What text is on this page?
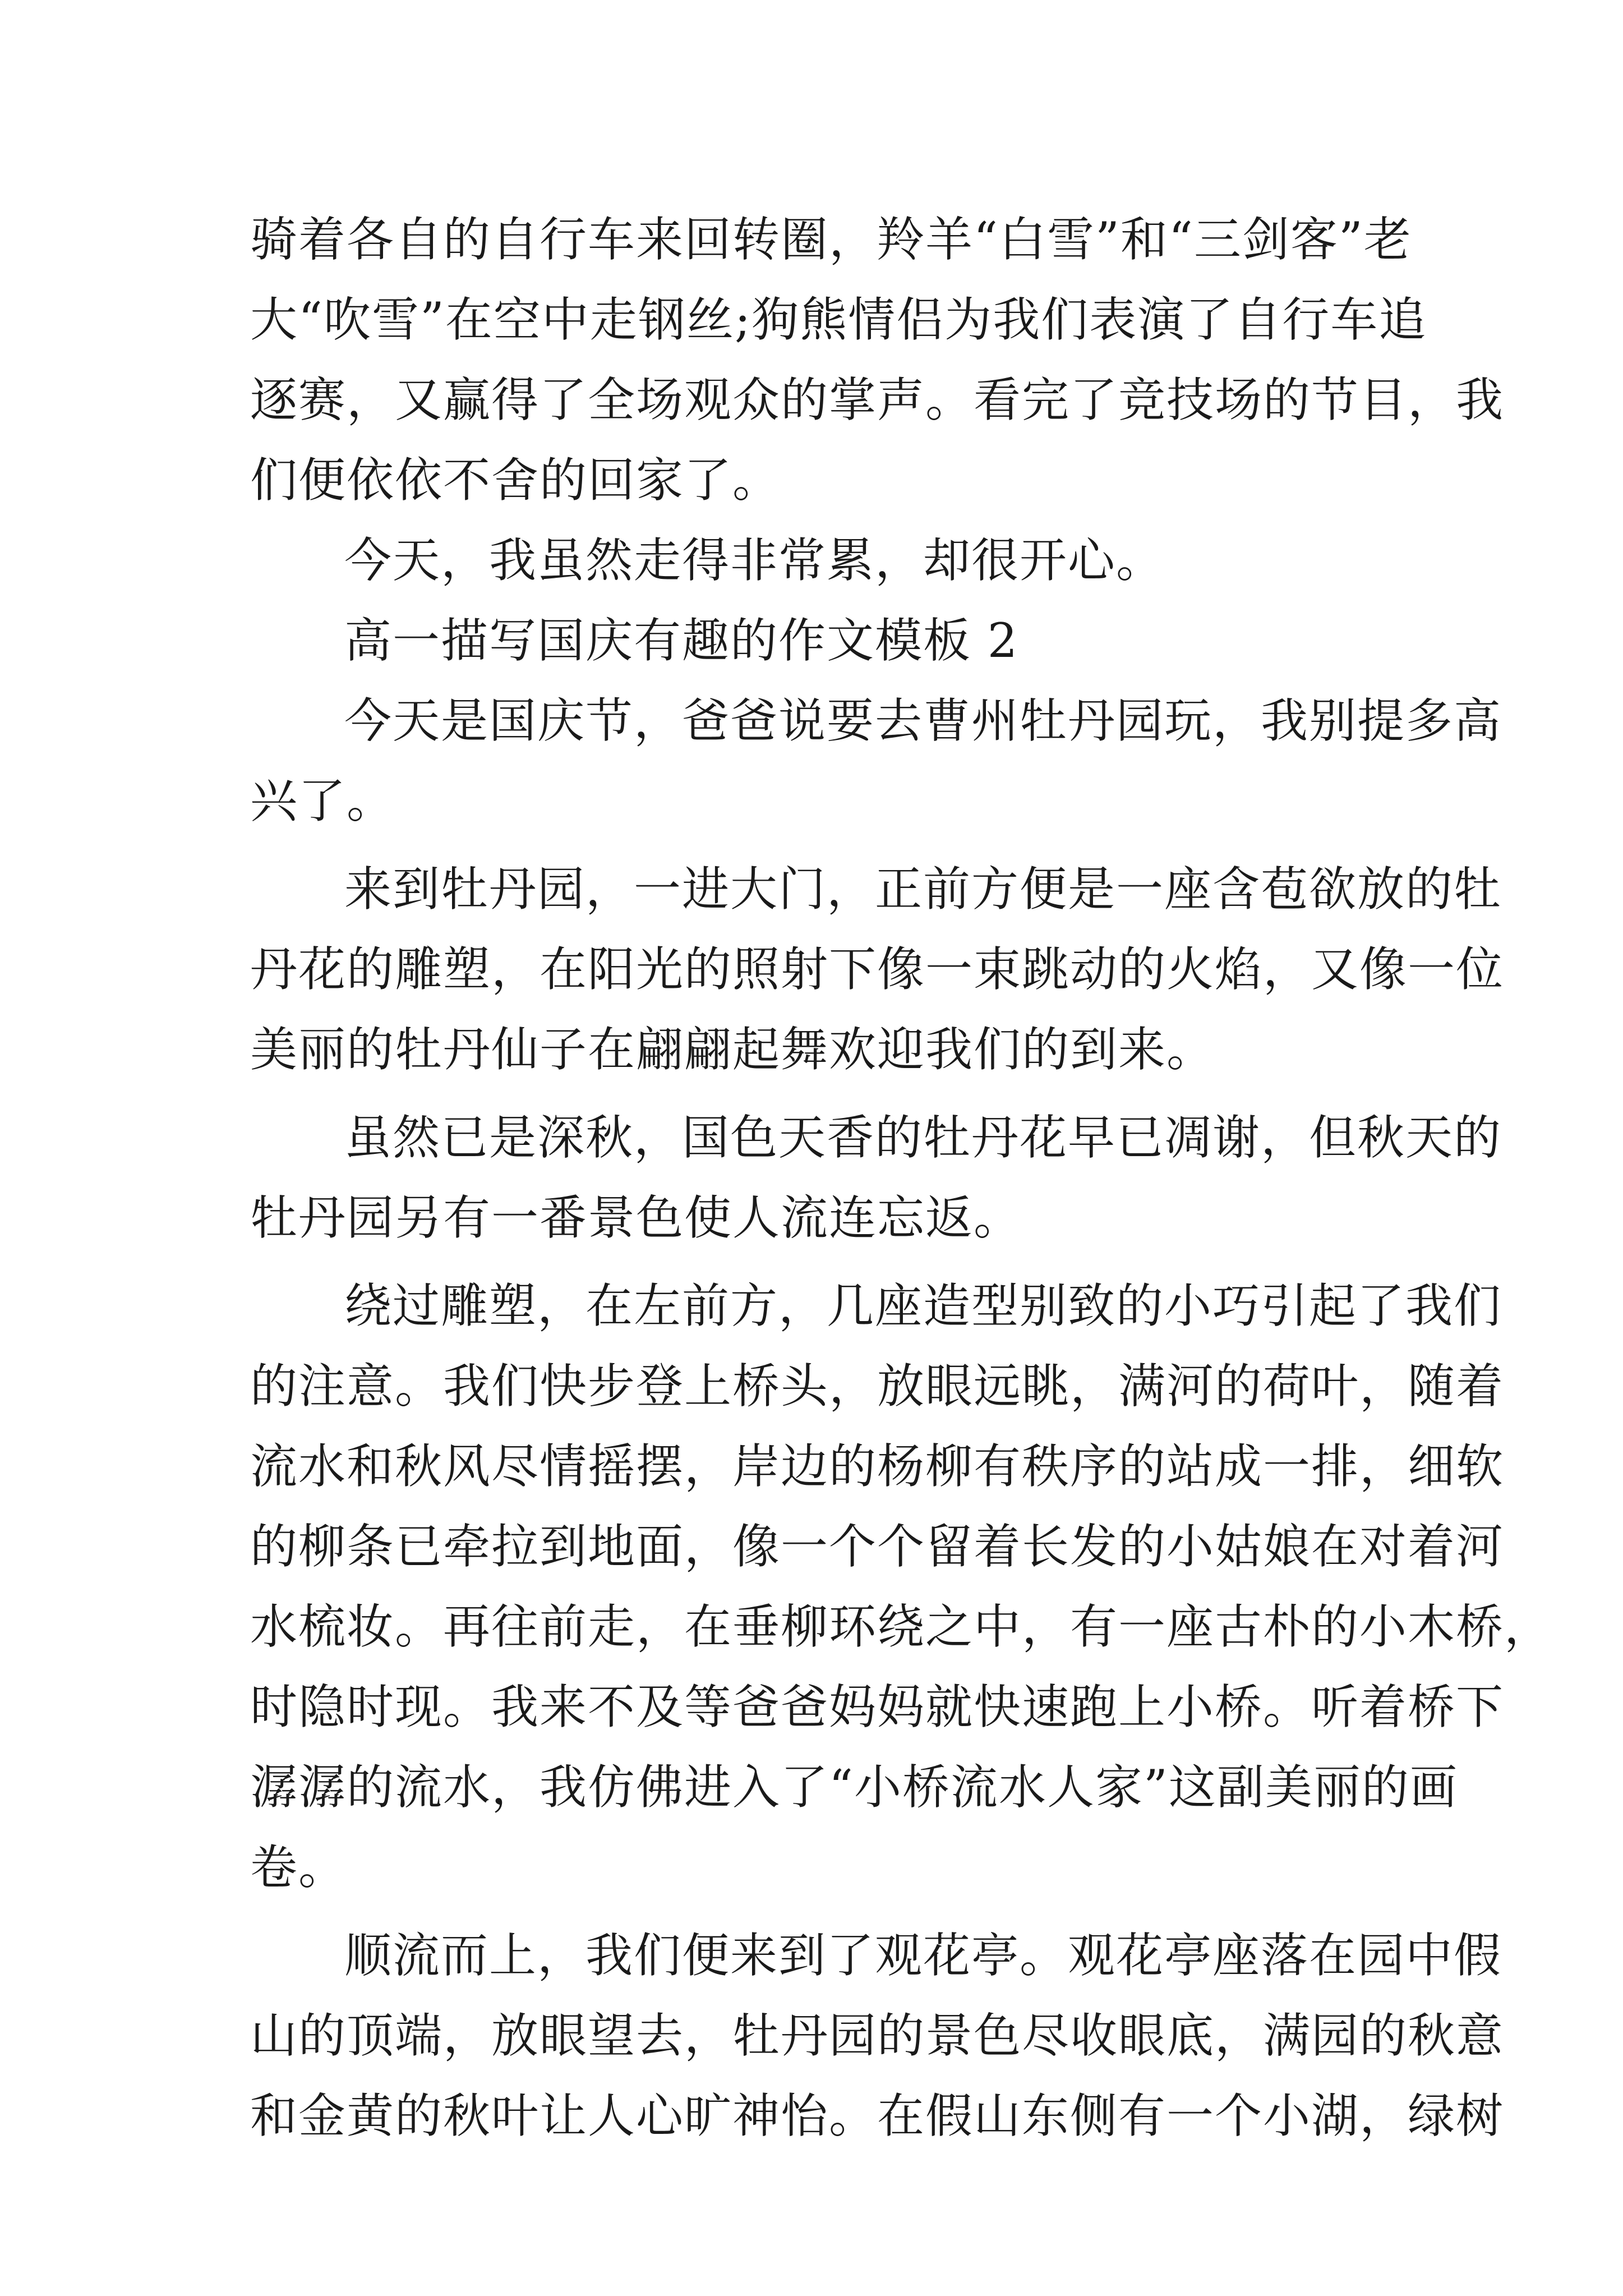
骑着各自的自行车来回转圈，羚羊“白雪”和“三剑客”老
大“吹雪”在空中走钢丝;狗熊情侣为我们表演了自行车追
逐赛，又赢得了全场观众的掌声。看完了竞技场的节目，我
们便依依不舍的回家了。
今天，我虽然走得非常累，却很开心。
高一描写国庆有趣的作文模板 2
今天是国庆节，爸爸说要去曹州牡丹园玩，我别提多高
兴了。
来到牡丹园，一进大门，正前方便是一座含苞欲放的牡
丹花的雕塑，在阳光的照射下像一束跳动的火焰，又像一位
美丽的牡丹仙子在翩翩起舞欢迎我们的到来。
虽然已是深秋，国色天香的牡丹花早已凋谢，但秋天的
牡丹园另有一番景色使人流连忘返。
绕过雕塑，在左前方，几座造型别致的小巧引起了我们
的注意。我们快步登上桥头，放眼远眺，满河的荷叶，随着
流水和秋风尽情摇摆，岸边的杨柳有秩序的站成一排，细软
的柳条已牵拉到地面，像一个个留着长发的小姑娘在对着河
水梳妆。再往前走，在垂柳环绕之中，有一座古朴的小木桥，
时隐时现。我来不及等爸爸妈妈就快速跑上小桥。听着桥下
潺潺的流水，我仿佛进入了“小桥流水人家”这副美丽的画
卷。
顺流而上，我们便来到了观花亭。观花亭座落在园中假
山的顶端，放眼望去，牡丹园的景色尽收眼底，满园的秋意
和金黄的秋叶让人心旷神怡。在假山东侧有一个小湖，绿树
